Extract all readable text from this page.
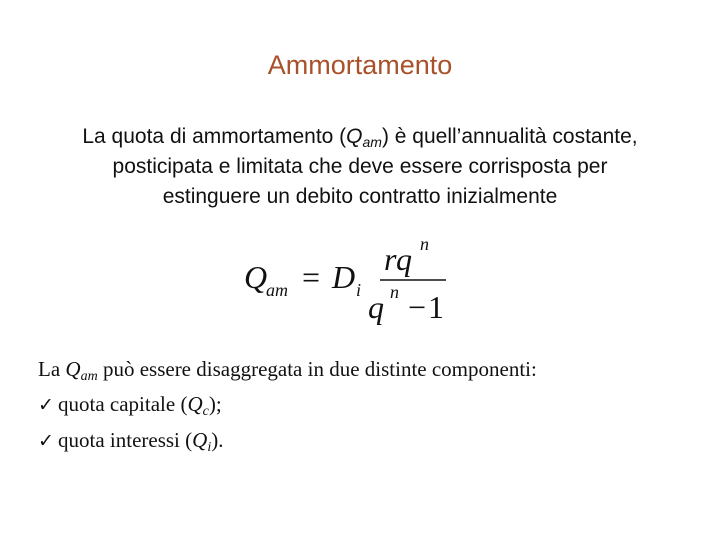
Ammortamento
La quota di ammortamento $(Q_{am})$ è quell’annualità costante,
posticipata e limitata che deve essere corrisposta per
estinguere un debito contratto inizialmente
Q
am = D i
r q n
q n − 1
La $Q_{am}$ può essere disaggregata in due distinte componenti:
✓ quota capitale $(Q_c)$;
✓ quota interessi $(Q_i)$.
